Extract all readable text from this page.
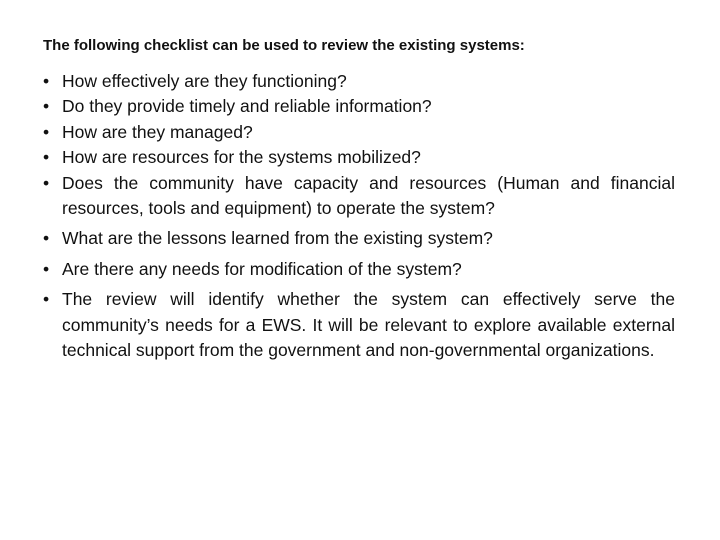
The following checklist can be used to review the existing systems:
• How effectively are they functioning?
• Do they provide timely and reliable information?
• How are they managed?
• How are resources for the systems mobilized?
• Does the community have capacity and resources (Human and financial resources, tools and equipment) to operate the system?
• What are the lessons learned from the existing system?
• Are there any needs for modification of the system?
• The review will identify whether the system can effectively serve the community’s needs for a EWS. It will be relevant to explore available external technical support from the government and non-governmental organizations.
